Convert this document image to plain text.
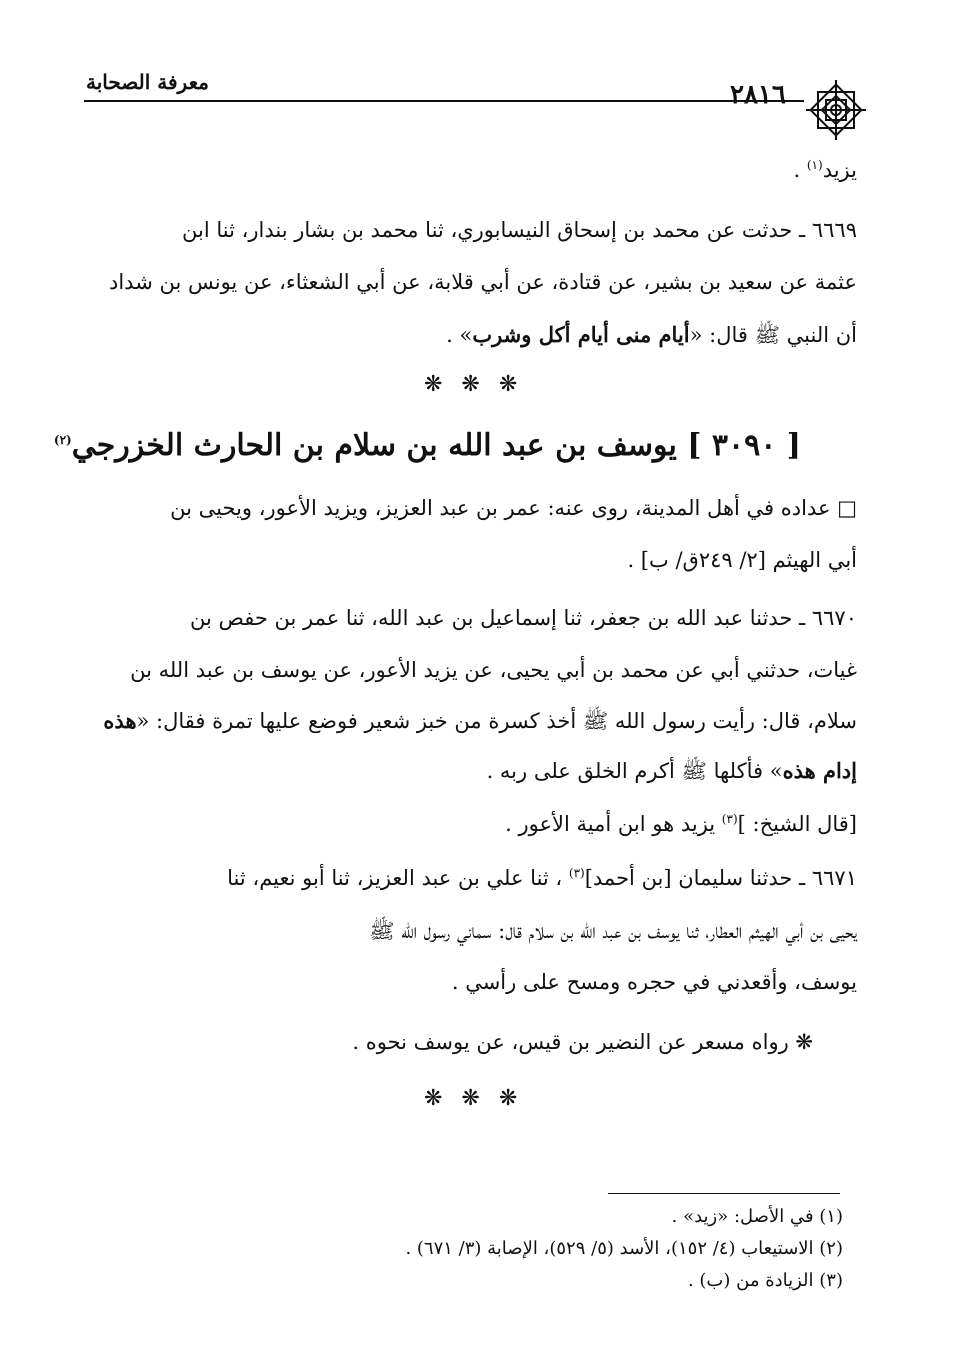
معرفة الصحابة	٢٨١٦
يزيد$^{(١)}$ .
٦٦٦٩ ـ حدثت عن محمد بن إسحاق النيسابوري، ثنا محمد بن بشار بندار، ثنا ابن
عثمة عن سعيد بن بشير، عن قتادة، عن أبي قلابة، عن أبي الشعثاء، عن يونس بن شداد
أن النبي ﷺ قال: «أيام منى أيام أكل وشرب» .
❋ ❋ ❋
[ ٣٠٩٠ ] يوسف بن عبد الله بن سلام بن الحارث الخزرجي$^{(٢)}$
□ عداده في أهل المدينة، روى عنه: عمر بن عبد العزيز، ويزيد الأعور، ويحيى بن
أبي الهيثم [٢/ ٢٤٩ق/ ب] .
٦٦٧٠ ـ حدثنا عبد الله بن جعفر، ثنا إسماعيل بن عبد الله، ثنا عمر بن حفص بن
غيات، حدثني أبي عن محمد بن أبي يحيى، عن يزيد الأعور، عن يوسف بن عبد الله بن
سلام، قال: رأيت رسول الله ﷺ أخذ كسرة من خبز شعير فوضع عليها تمرة فقال: «هذه
إدام هذه» فأكلها ﷺ أكرم الخلق على ربه .
[قال الشيخ: ]$^{(٣)}$ يزيد هو ابن أمية الأعور .
٦٦٧١ ـ حدثنا سليمان [بن أحمد]$^{(٣)}$ ، ثنا علي بن عبد العزيز، ثنا أبو نعيم، ثنا
يحيى بن أبي الهيثم العطار، ثنا يوسف بن عبد الله بن سلام قال: سماني رسول الله ﷺ
يوسف، وأقعدني في حجره ومسح على رأسي .
❋ رواه مسعر عن النضير بن قيس، عن يوسف نحوه .
❋ ❋ ❋
(١) في الأصل: «زيد» .
(٢) الاستيعاب (٤/ ١٥٢)، الأسد (٥/ ٥٢٩)، الإصابة (٣/ ٦٧١) .
(٣) الزيادة من (ب) .
